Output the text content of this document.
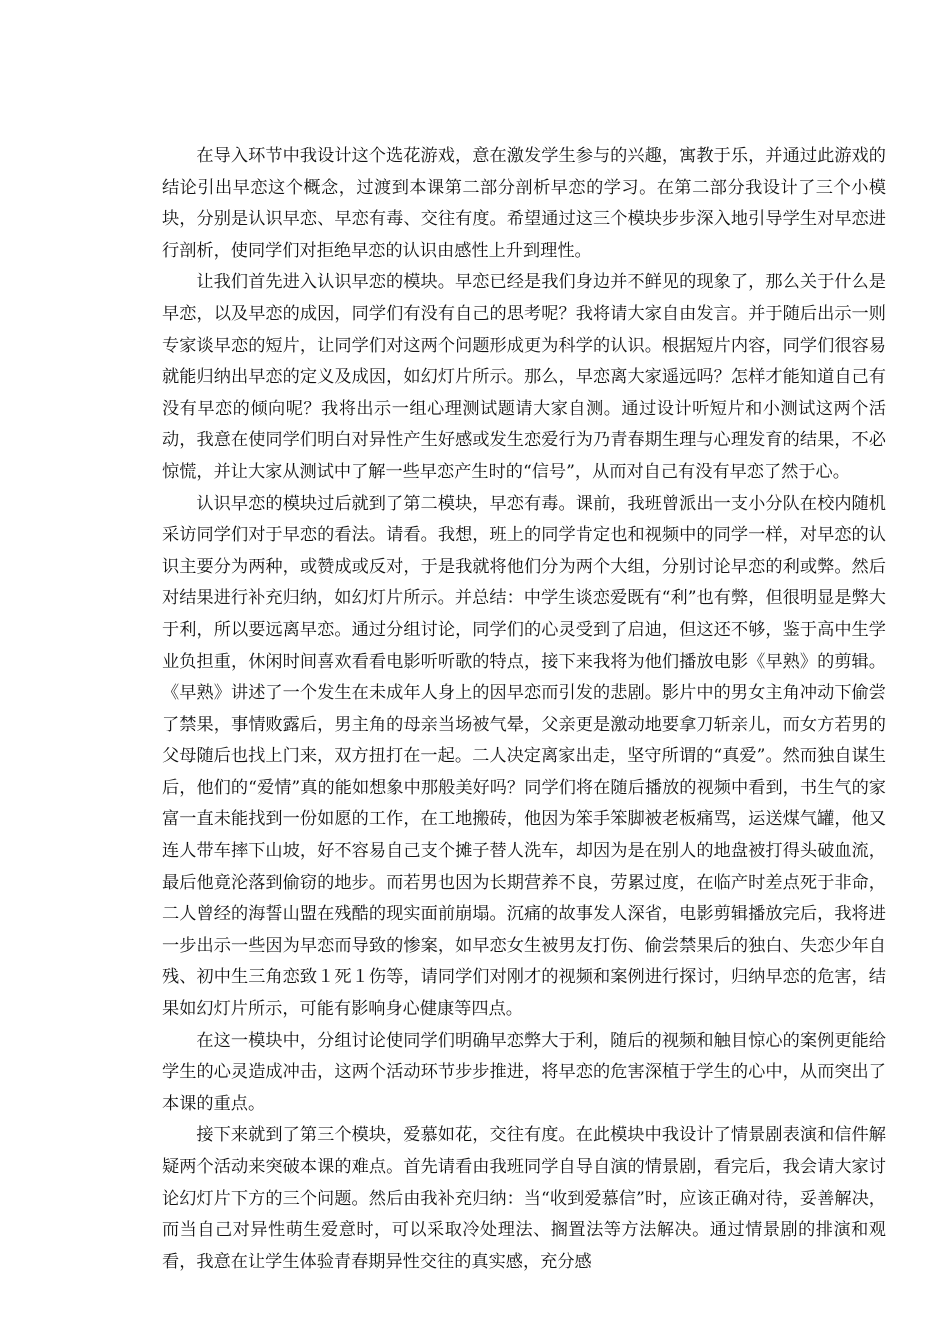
在导入环节中我设计这个选花游戏，意在激发学生参与的兴趣，寓教于乐，并通过此游戏的结论引出早恋这个概念，过渡到本课第二部分剖析早恋的学习。在第二部分我设计了三个小模块，分别是认识早恋、早恋有毒、交往有度。希望通过这三个模块步步深入地引导学生对早恋进行剖析，使同学们对拒绝早恋的认识由感性上升到理性。

让我们首先进入认识早恋的模块。早恋已经是我们身边并不鲜见的现象了，那么关于什么是早恋，以及早恋的成因，同学们有没有自己的思考呢？我将请大家自由发言。并于随后出示一则专家谈早恋的短片，让同学们对这两个问题形成更为科学的认识。根据短片内容，同学们很容易就能归纳出早恋的定义及成因，如幻灯片所示。那么，早恋离大家遥远吗？怎样才能知道自己有没有早恋的倾向呢？我将出示一组心理测试题请大家自测。通过设计听短片和小测试这两个活动，我意在使同学们明白对异性产生好感或发生恋爱行为乃青春期生理与心理发育的结果，不必惊慌，并让大家从测试中了解一些早恋产生时的“信号”，从而对自己有没有早恋了然于心。

认识早恋的模块过后就到了第二模块，早恋有毒。课前，我班曾派出一支小分队在校内随机采访同学们对于早恋的看法。请看。我想，班上的同学肯定也和视频中的同学一样，对早恋的认识主要分为两种，或赞成或反对，于是我就将他们分为两个大组，分别讨论早恋的利或弊。然后对结果进行补充归纳，如幻灯片所示。并总结：中学生谈恋爱既有“利”也有弊，但很明显是弊大于利，所以要远离早恋。通过分组讨论，同学们的心灵受到了启迪，但这还不够，鉴于高中生学业负担重，休闲时间喜欢看看电影听听歌的特点，接下来我将为他们播放电影《早熟》的剪辑。《早熟》讲述了一个发生在未成年人身上的因早恋而引发的悲剧。影片中的男女主角冲动下偷尝了禁果，事情败露后，男主角的母亲当场被气晕，父亲更是激动地要拿刀斩亲儿，而女方若男的父母随后也找上门来，双方扭打在一起。二人决定离家出走，坚守所谓的“真爱”。然而独自谋生后，他们的“爱情”真的能如想象中那般美好吗？同学们将在随后播放的视频中看到，书生气的家富一直未能找到一份如愿的工作，在工地搬砖，他因为笨手笨脚被老板痛骂，运送煤气罐，他又连人带车摔下山坡，好不容易自己支个摊子替人洗车，却因为是在别人的地盘被打得头破血流，最后他竟沦落到偷窃的地步。而若男也因为长期营养不良，劳累过度，在临产时差点死于非命，二人曾经的海誓山盟在残酷的现实面前崩塌。沉痛的故事发人深省，电影剪辑播放完后，我将进一步出示一些因为早恋而导致的惨案，如早恋女生被男友打伤、偷尝禁果后的独白、失恋少年自残、初中生三角恋致１死１伤等，请同学们对刚才的视频和案例进行探讨，归纳早恋的危害，结果如幻灯片所示，可能有影响身心健康等四点。

在这一模块中，分组讨论使同学们明确早恋弊大于利，随后的视频和触目惊心的案例更能给学生的心灵造成冲击，这两个活动环节步步推进，将早恋的危害深植于学生的心中，从而突出了本课的重点。

接下来就到了第三个模块，爱慕如花，交往有度。在此模块中我设计了情景剧表演和信件解疑两个活动来突破本课的难点。首先请看由我班同学自导自演的情景剧，看完后，我会请大家讨论幻灯片下方的三个问题。然后由我补充归纳：当“收到爱慕信”时，应该正确对待，妥善解决，而当自己对异性萌生爱意时，可以采取冷处理法、搁置法等方法解决。通过情景剧的排演和观看，我意在让学生体验青春期异性交往的真实感，充分感
